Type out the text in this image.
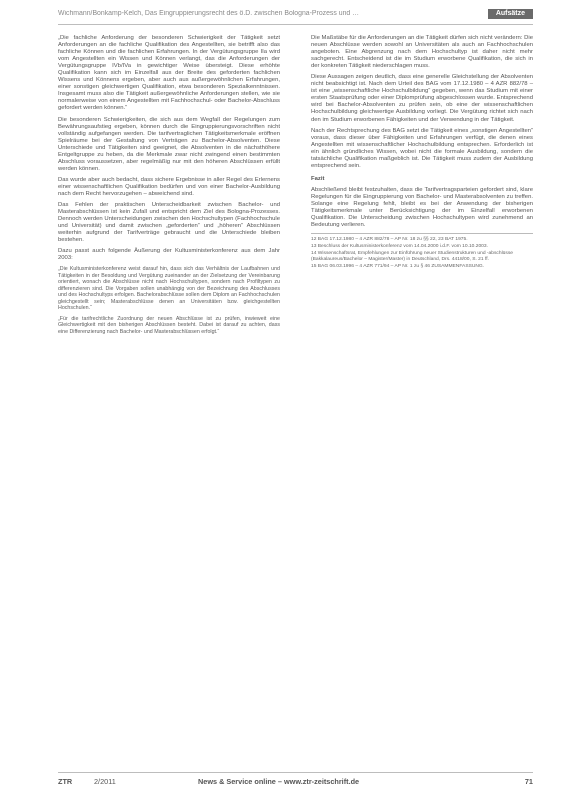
Wichmann/Bonkamp-Kelch, Das Eingruppierungsrecht des ö.D. zwischen Bologna-Prozess und …	Aufsätze

„Die fachliche Anforderung der besonderen Schwierigkeit der Tätigkeit setzt Anforderungen an die fachliche Qualifikation des Angestellten, sie betrifft also das fachliche Können und die fachlichen Erfahrungen. In der Vergütungsgruppe IIa wird vom Angestellten ein Wissen und Können verlangt, das die Anforderungen der Vergütungsgruppe IVb/IVa in gewichtiger Weise übersteigt. Diese erhöhte Qualifikation kann sich im Einzelfall aus der Breite des geforderten fachlichen Wissens und Könnens ergeben, aber auch aus außergewöhnlichen Erfahrungen, einer sonstigen gleichwertigen Qualifikation, etwa besonderen Spezialkenntnissen. Insgesamt muss also die Tätigkeit außergewöhnliche Anforderungen stellen, wie sie normalerweise von einem Angestellten mit Fachhochschul- oder Bachelor-Abschluss gefordert werden können.“

Die besonderen Schwierigkeiten, die sich aus dem Wegfall der Regelungen zum Bewährungsaufstieg ergeben, können durch die Eingruppierungsvorschriften nicht vollständig aufgefangen werden. Die tarifvertraglichen Tätigkeitsmerkmale eröffnen Spielräume bei der Gestaltung von Verträgen zu Bachelor-Absolventen. Diese Unterschiede und Tätigkeiten sind geeignet, die Absolventen in die nächsthöhere Entgeltgruppe zu heben, da die Merkmale zwar nicht zwingend einen bestimmten Abschluss voraussetzen, aber regelmäßig nur mit den höheren Abschlüssen erfüllt werden können.

Das wurde aber auch bedacht, dass sichere Ergebnisse in aller Regel des Erlernens einer wissenschaftlichen Qualifikation bedürfen und von einer Bachelor-Ausbildung nach dem Recht hervorzugehen – abweichend sind.

Das Fehlen der praktischen Unterscheidbarkeit zwischen Bachelor- und Masterabschlüssen ist kein Zufall und entspricht dem Ziel des Bologna-Prozesses. Dennoch werden Unterscheidungen zwischen den Hochschultypen (Fachhochschule und Universität) und damit zwischen „geforderten“ und „höheren“ Abschlüssen weiterhin aufgrund der Tarifverträge gebraucht und die Unterschiede bleiben bestehen.

Dazu passt auch folgende Äußerung der Kultusministerkonferenz aus dem Jahr 2003:

„Die Kultusministerkonferenz weist darauf hin, dass sich das Verhältnis der Laufbahnen und Tätigkeiten in der Besoldung und Vergütung zueinander an der Zielsetzung der Vereinbarung orientiert, wonach die Abschlüsse nicht nach Hochschultypen, sondern nach Profiltypen zu differenzieren sind. Die Vorgaben sollen unabhängig von der Bezeichnung des Abschlusses und des Hochschultyps erfolgen. Bachelorabschlüsse sollen dem Diplom an Fachhochschulen gleichgestellt sein; Masterabschlüsse denen an Universitäten bzw. gleichgestellten Hochschulen.“

„Für die tarifrechtliche Zuordnung der neuen Abschlüsse ist zu prüfen, inwieweit eine Gleichwertigkeit mit den bisherigen Abschlüssen besteht. Dabei ist darauf zu achten, dass eine Differenzierung nach Bachelor- und Masterabschlüssen erfolgt.“

Die Maßstäbe für die Anforderungen an die Tätigkeit dürfen sich nicht verändern: Die neuen Abschlüsse werden sowohl an Universitäten als auch an Fachhochschulen angeboten. Eine Abgrenzung nach dem Hochschultyp ist daher nicht mehr sachgerecht. Entscheidend ist die im Studium erworbene Qualifikation, die sich in der konkreten Tätigkeit niederschlagen muss.

Diese Aussagen zeigen deutlich, dass eine generelle Gleichstellung der Absolventen nicht beabsichtigt ist. Nach dem Urteil des BAG vom 17.12.1980 – 4 AZR 882/78 – ist eine „wissenschaftliche Hochschulbildung“ gegeben, wenn das Studium mit einer ersten Staatsprüfung oder einer Diplomprüfung abgeschlossen wurde. Entsprechend wird bei Bachelor-Absolventen zu prüfen sein, ob eine der wissenschaftlichen Hochschulbildung gleichwertige Ausbildung vorliegt. Die Vergütung richtet sich nach den im Studium erworbenen Fähigkeiten und der Verwendung in der Tätigkeit.

Nach der Rechtsprechung des BAG setzt die Tätigkeit eines „sonstigen Angestellten“ voraus, dass dieser über Fähigkeiten und Erfahrungen verfügt, die denen eines Angestellten mit wissenschaftlicher Hochschulbildung entsprechen. Erforderlich ist ein ähnlich gründliches Wissen, wobei nicht die formale Ausbildung, sondern die tatsächliche Qualifikation maßgeblich ist. Die Tätigkeit muss zudem der Ausbildung entsprechend sein.

Fazit

Abschließend bleibt festzuhalten, dass die Tarifvertragsparteien gefordert sind, klare Regelungen für die Eingruppierung von Bachelor- und Masterabsolventen zu treffen. Solange eine Regelung fehlt, bleibt es bei der Anwendung der bisherigen Tätigkeitsmerkmale unter Berücksichtigung der im Einzelfall erworbenen Qualifikation. Die Unterscheidung zwischen Hochschultypen wird zunehmend an Bedeutung verlieren.

12 BAG 17.12.1980 – 4 AZR 882/78 – AP Nr. 18 zu §§ 22, 23 BAT 1975.

13 Beschluss der Kultusministerkonferenz vom 14.04.2000 i.d.F. vom 10.10.2003.

14 Wissenschaftsrat, Empfehlungen zur Einführung neuer Studienstrukturen und -abschlüsse (Bakkalaureus/Bachelor – Magister/Master) in Deutschland, Drs. 4418/00, S. 21 ff.

15 BAG 06.03.1996 – 4 AZR 771/94 – AP Nr. 1 zu § 46 ZUSAMMENFASSUNG.

ZTR	2/2011	News & Service online – www.ztr-zeitschrift.de	71
